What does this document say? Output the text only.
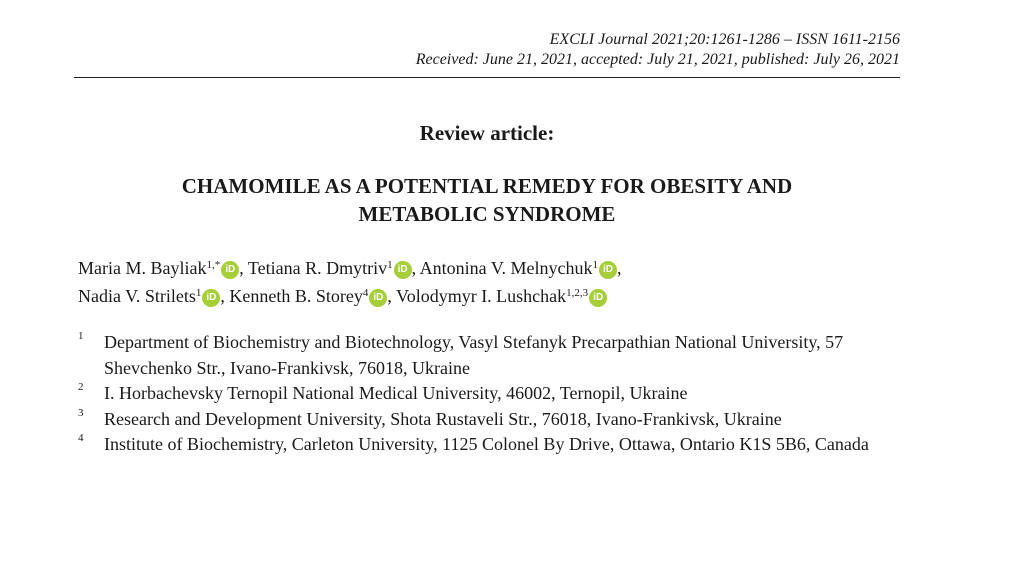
EXCLI Journal 2021;20:1261-1286 – ISSN 1611-2156
Received: June 21, 2021, accepted: July 21, 2021, published: July 26, 2021
Review article:
CHAMOMILE AS A POTENTIAL REMEDY FOR OBESITY AND
METABOLIC SYNDROME
Maria M. Bayliak$^{1,*}$ iD , Tetiana R. Dmytriv$^1$ iD , Antonina V. Melnychuk$^1$ iD ,
Nadia V. Strilets$^1$ iD , Kenneth B. Storey$^4$ iD , Volodymyr I. Lushchak$^{1,2,3}$ iD
1 Department of Biochemistry and Biotechnology, Vasyl Stefanyk Precarpathian National University, 57 Shevchenko Str., Ivano-Frankivsk, 76018, Ukraine
2 I. Horbachevsky Ternopil National Medical University, 46002, Ternopil, Ukraine
3 Research and Development University, Shota Rustaveli Str., 76018, Ivano-Frankivsk, Ukraine
4 Institute of Biochemistry, Carleton University, 1125 Colonel By Drive, Ottawa, Ontario K1S 5B6, Canada
